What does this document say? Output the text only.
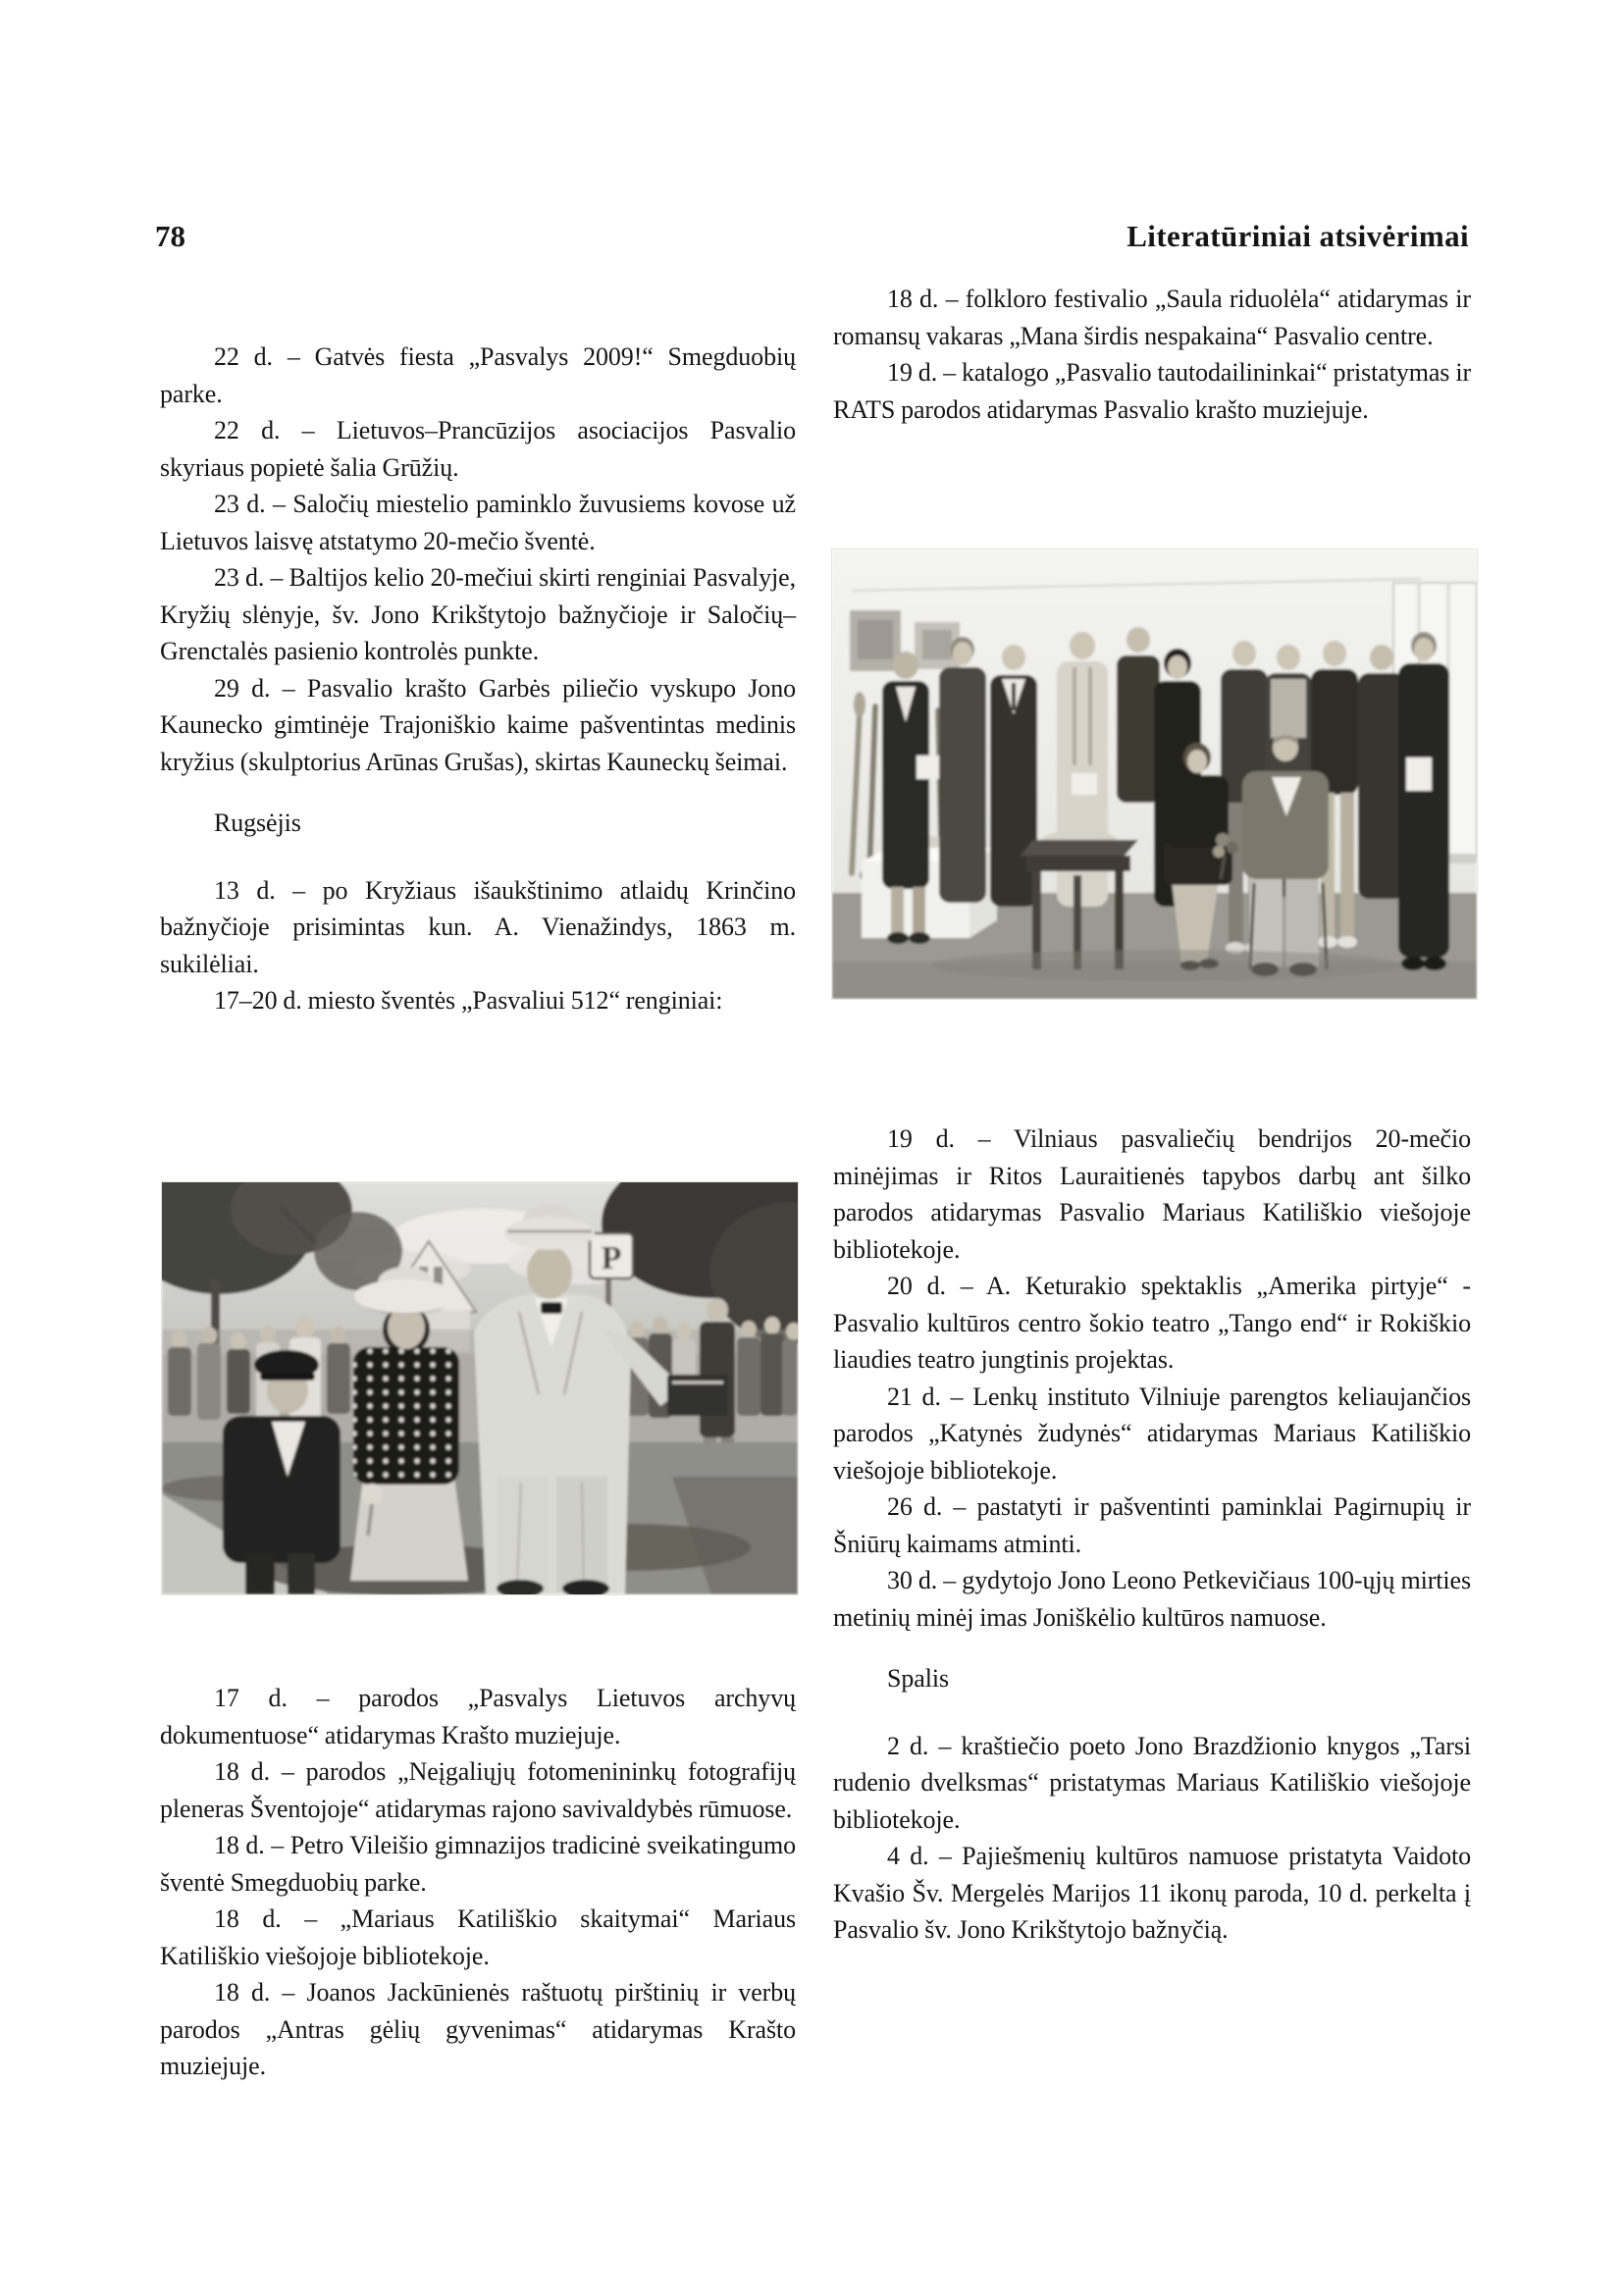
78	Literatūriniai atsivėrimai

22 d. – Gatvės fiesta „Pasvalys 2009!“ Smegduobių parke.

22 d. – Lietuvos–Prancūzijos asociacijos Pasvalio skyriaus popietė šalia Grūžių.

23 d. – Saločių miestelio paminklo žuvusiems kovose už Lietuvos laisvę atstatymo 20-mečio šventė.

23 d. – Baltijos kelio 20-mečiui skirti renginiai Pasvalyje, Kryžių slėnyje, šv. Jono Krikštytojo bažnyčioje ir Saločių–Grenctalės pasienio kontrolės punkte.

29 d. – Pasvalio krašto Garbės piliečio vyskupo Jono Kaunecko gimtinėje Trajoniškio kaime pašventintas medinis kryžius (skulptorius Arūnas Grušas), skirtas Kauneckų šeimai.

Rugsėjis

13 d. – po Kryžiaus išaukštinimo atlaidų Krinčino bažnyčioje prisimintas kun. A. Vienažindys, 1863 m. sukilėliai.

17–20 d. miesto šventės „Pasvaliui 512“ renginiai:

P

17 d. – parodos „Pasvalys Lietuvos archyvų dokumentuose“ atidarymas Krašto muziejuje.

18 d. – parodos „Neįgaliųjų fotomenininkų fotografijų pleneras Šventojoje“ atidarymas rajono savivaldybės rūmuose.

18 d. – Petro Vileišio gimnazijos tradicinė sveikatingumo šventė Smegduobių parke.

18 d. – „Mariaus Katiliškio skaitymai“ Mariaus Katiliškio viešojoje bibliotekoje.

18 d. – Joanos Jackūnienės raštuotų pirštinių ir verbų parodos „Antras gėlių gyvenimas“ atidarymas Krašto muziejuje.

18 d. – folkloro festivalio „Saula riduolėla“ atidarymas ir romansų vakaras „Mana širdis nespakaina“ Pasvalio centre.

19 d. – katalogo „Pasvalio tautodailininkai“ pristatymas ir RATS parodos atidarymas Pasvalio krašto muziejuje.

19 d. – Vilniaus pasvaliečių bendrijos 20-mečio minėjimas ir Ritos Lauraitienės tapybos darbų ant šilko parodos atidarymas Pasvalio Mariaus Katiliškio viešojoje bibliotekoje.

20 d. – A. Keturakio spektaklis „Amerika pirtyje“ - Pasvalio kultūros centro šokio teatro „Tango end“ ir Rokiškio liaudies teatro jungtinis projektas.

21 d. – Lenkų instituto Vilniuje parengtos keliaujančios parodos „Katynės žudynės“ atidarymas Mariaus Katiliškio viešojoje bibliotekoje.

26 d. – pastatyti ir pašventinti paminklai Pagirnupių ir Šniūrų kaimams atminti.

30 d. – gydytojo Jono Leono Petkevičiaus 100-ųjų mirties metinių minėj imas Joniškėlio kultūros namuose.

Spalis

2 d. – kraštiečio poeto Jono Brazdžionio knygos „Tarsi rudenio dvelksmas“ pristatymas Mariaus Katiliškio viešojoje bibliotekoje.

4 d. – Pajiešmenių kultūros namuose pristatyta Vaidoto Kvašio Šv. Mergelės Marijos 11 ikonų paroda, 10 d. perkelta į Pasvalio šv. Jono Krikštytojo bažnyčią.
